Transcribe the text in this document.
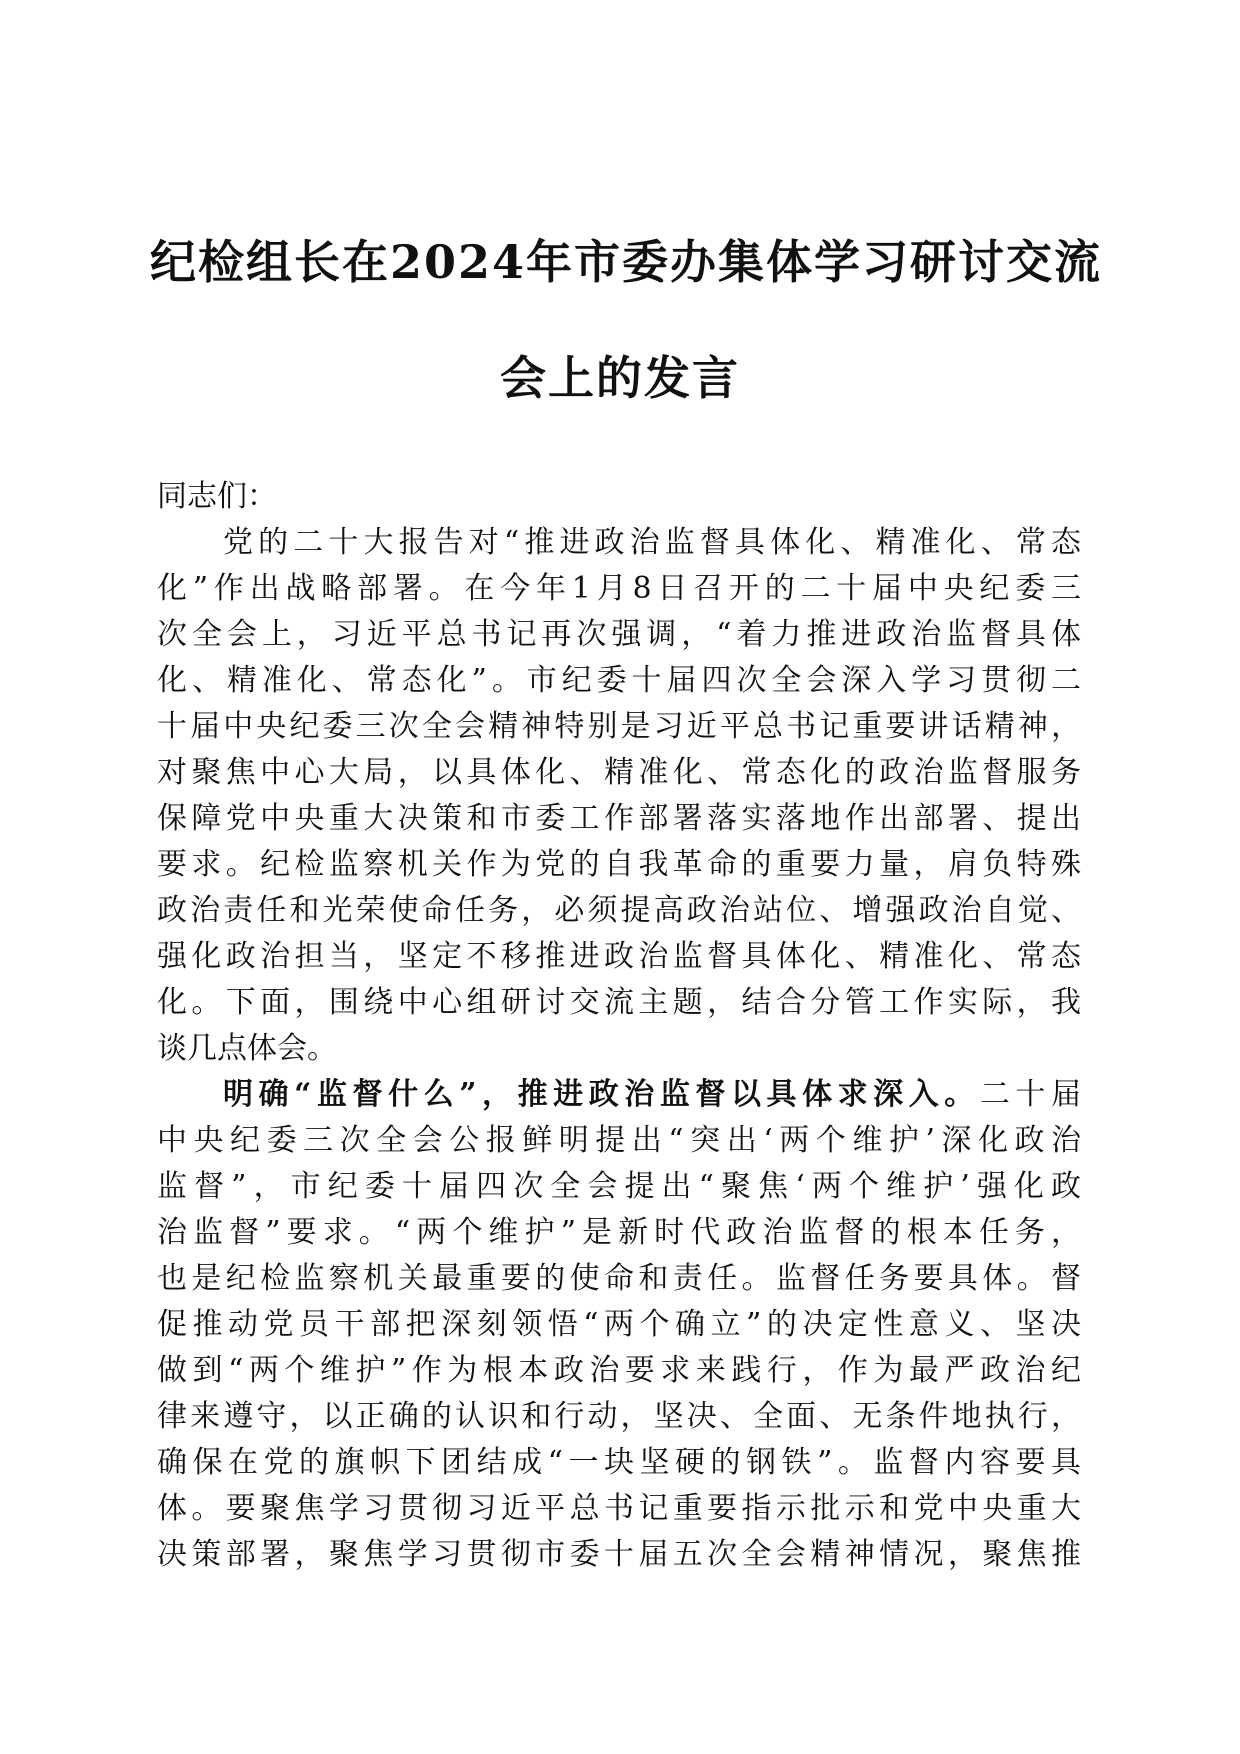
纪检组长在2024年市委办集体学习研讨交流
会上的发言
同志们：
党的二十大报告对“推进政治监督具体化、精准化、常态
化”作出战略部署。在今年1月8日召开的二十届中央纪委三
次全会上，习近平总书记再次强调，“着力推进政治监督具体
化、精准化、常态化”。市纪委十届四次全会深入学习贯彻二
十届中央纪委三次全会精神特别是习近平总书记重要讲话精神，
对聚焦中心大局，以具体化、精准化、常态化的政治监督服务
保障党中央重大决策和市委工作部署落实落地作出部署、提出
要求。纪检监察机关作为党的自我革命的重要力量，肩负特殊
政治责任和光荣使命任务，必须提高政治站位、增强政治自觉、
强化政治担当，坚定不移推进政治监督具体化、精准化、常态
化。下面，围绕中心组研讨交流主题，结合分管工作实际，我
谈几点体会。
明确“监督什么”，推进政治监督以具体求深入。二十届
中央纪委三次全会公报鲜明提出“突出‘两个维护’深化政治
监督”，市纪委十届四次全会提出“聚焦‘两个维护’强化政
治监督”要求。“两个维护”是新时代政治监督的根本任务，
也是纪检监察机关最重要的使命和责任。监督任务要具体。督
促推动党员干部把深刻领悟“两个确立”的决定性意义、坚决
做到“两个维护”作为根本政治要求来践行，作为最严政治纪
律来遵守，以正确的认识和行动，坚决、全面、无条件地执行，
确保在党的旗帜下团结成“一块坚硬的钢铁”。监督内容要具
体。要聚焦学习贯彻习近平总书记重要指示批示和党中央重大
决策部署，聚焦学习贯彻市委十届五次全会精神情况，聚焦推
